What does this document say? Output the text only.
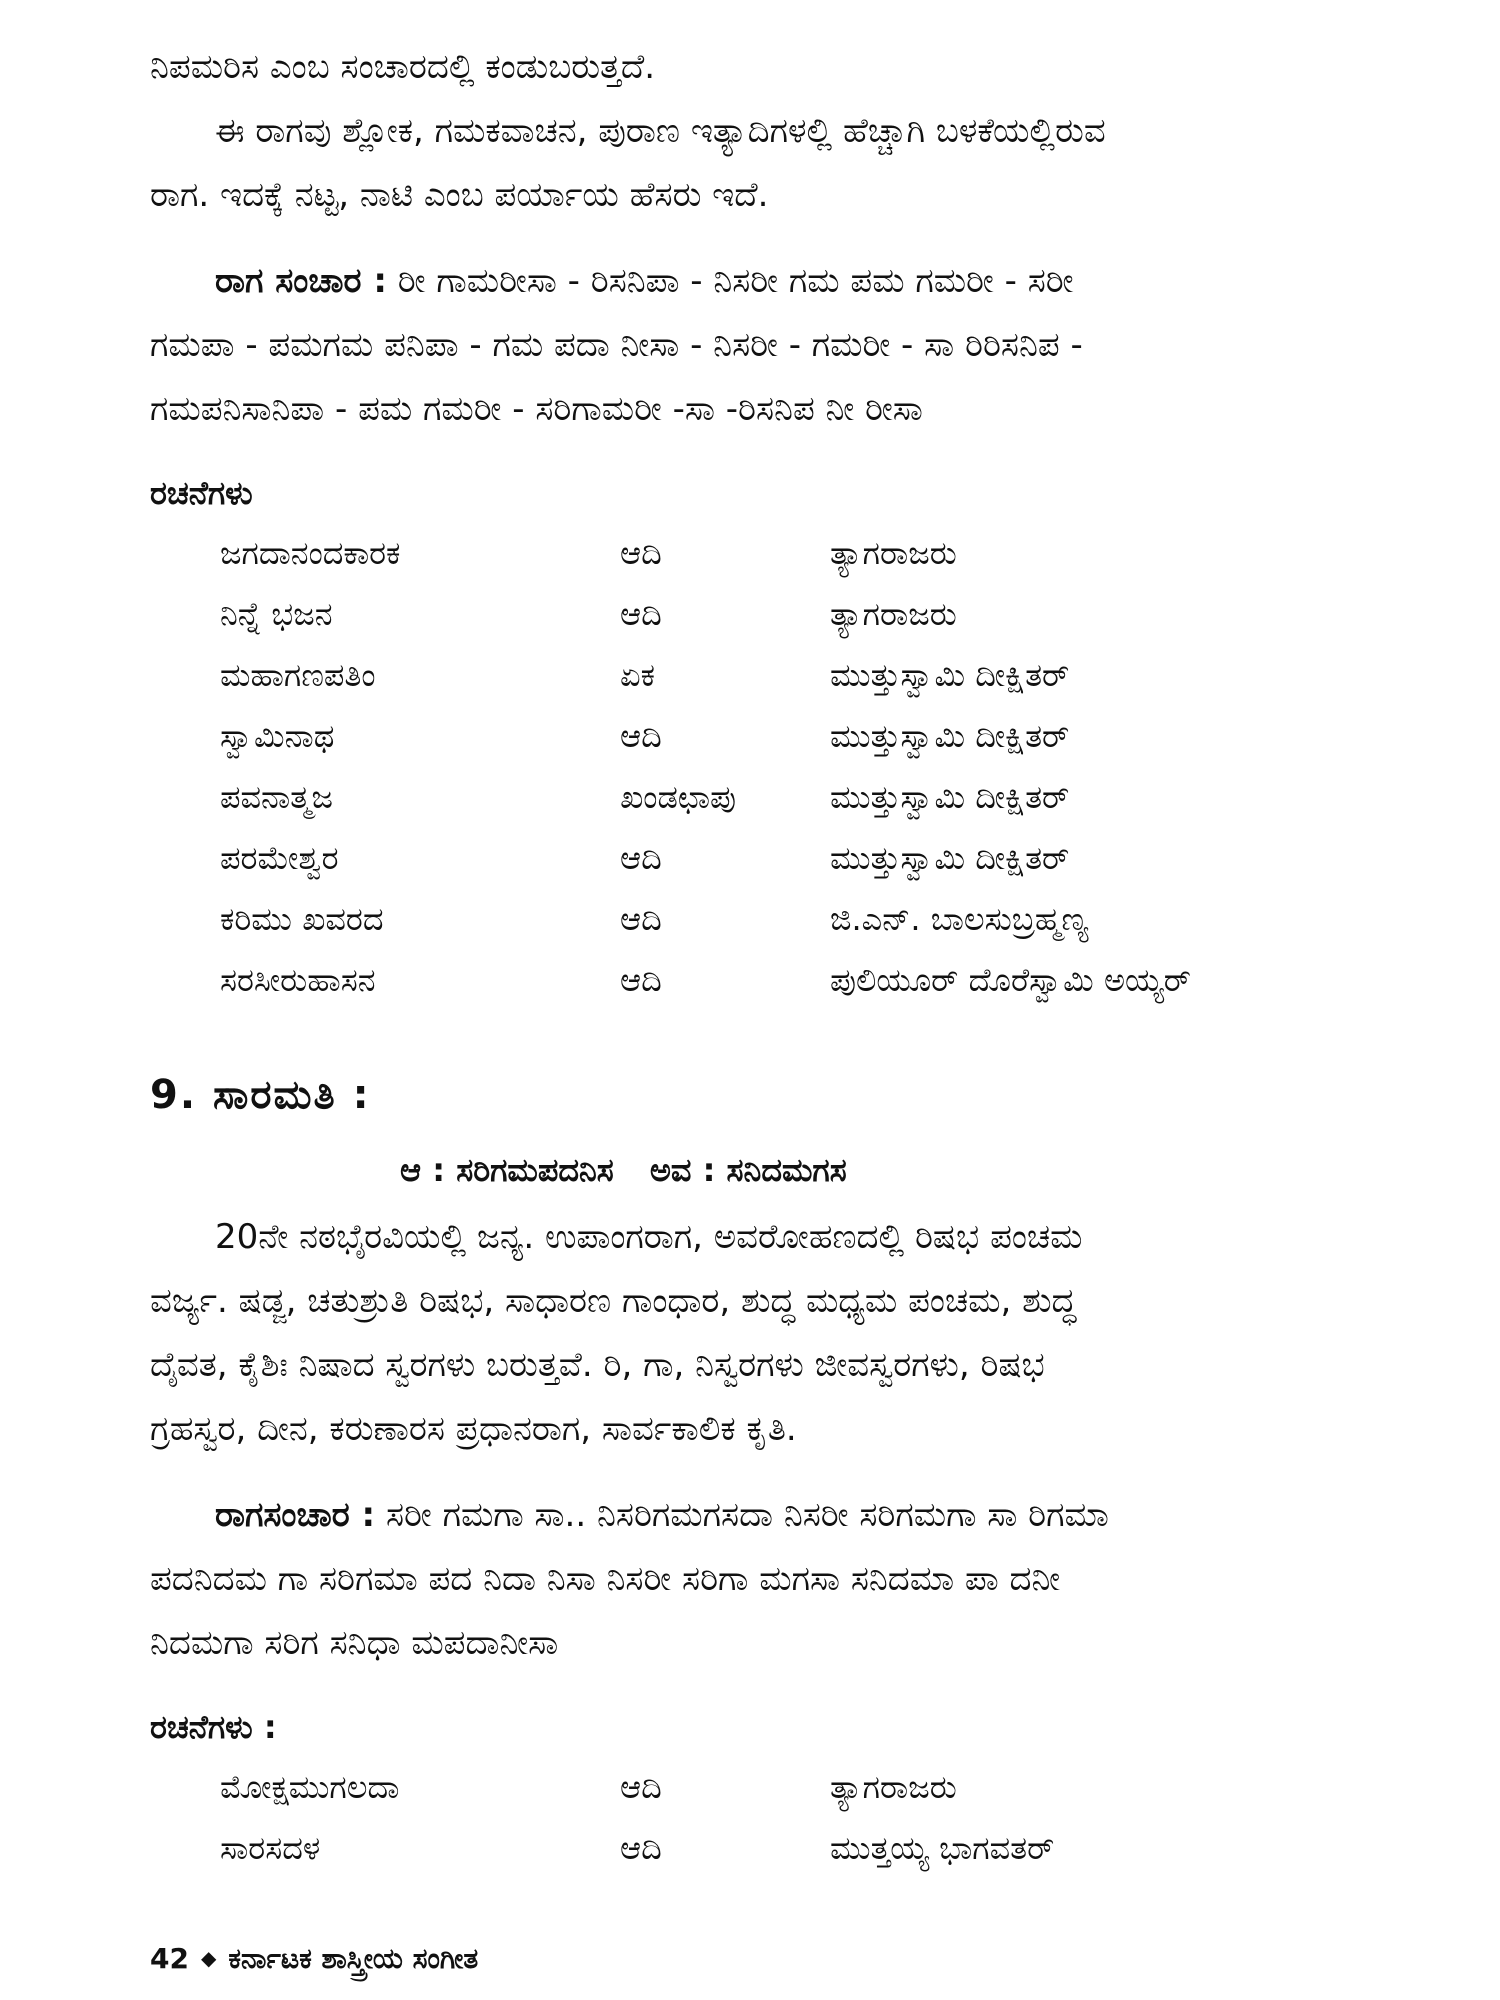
ನಿಪಮರಿಸ ಎಂಬ ಸಂಚಾರದಲ್ಲಿ ಕಂಡುಬರುತ್ತದೆ.

ಈ ರಾಗವು ಶ್ಲೋಕ, ಗಮಕವಾಚನ, ಪುರಾಣ ಇತ್ಯಾದಿಗಳಲ್ಲಿ ಹೆಚ್ಚಾಗಿ ಬಳಕೆಯಲ್ಲಿರುವ

ರಾಗ. ಇದಕ್ಕೆ ನಟ್ಟ, ನಾಟಿ ಎಂಬ ಪರ್ಯಾಯ ಹೆಸರು ಇದೆ.

ರಾಗ ಸಂಚಾರ : ರೀ ಗಾಮರೀಸಾ - ರಿಸನಿಪಾ - ನಿಸರೀ ಗಮ ಪಮ ಗಮರೀ - ಸರೀ

ಗಮಪಾ - ಪಮಗಮ ಪನಿಪಾ - ಗಮ ಪದಾ ನೀಸಾ - ನಿಸರೀ - ಗಮರೀ - ಸಾ ರಿರಿಸನಿಪ -

ಗಮಪನಿಸಾನಿಪಾ - ಪಮ ಗಮರೀ - ಸರಿಗಾಮರೀ -ಸಾ -ರಿಸನಿಪ ನೀ ರೀಸಾ

ರಚನೆಗಳು

ಜಗದಾನಂದಕಾರಕ	ಆದಿ	ತ್ಯಾಗರಾಜರು
ನಿನ್ನೆ ಭಜನ	ಆದಿ	ತ್ಯಾಗರಾಜರು
ಮಹಾಗಣಪತಿಂ	ಏಕ	ಮುತ್ತುಸ್ವಾಮಿ ದೀಕ್ಷಿತರ್
ಸ್ವಾಮಿನಾಥ	ಆದಿ	ಮುತ್ತುಸ್ವಾಮಿ ದೀಕ್ಷಿತರ್
ಪವನಾತ್ಮಜ	ಖಂಡಛಾಪು	ಮುತ್ತುಸ್ವಾಮಿ ದೀಕ್ಷಿತರ್
ಪರಮೇಶ್ವರ	ಆದಿ	ಮುತ್ತುಸ್ವಾಮಿ ದೀಕ್ಷಿತರ್
ಕರಿಮು ಖವರದ	ಆದಿ	ಜಿ.ಎನ್. ಬಾಲಸುಬ್ರಹ್ಮಣ್ಯ
ಸರಸೀರುಹಾಸನ	ಆದಿ	ಪುಲಿಯೂರ್ ದೊರೆಸ್ವಾಮಿ ಅಯ್ಯರ್

9. ಸಾರಮತಿ :

ಆ : ಸರಿಗಮಪದನಿಸ ಅವ : ಸನಿದಮಗಸ

20ನೇ ನಠಭೈರವಿಯಲ್ಲಿ ಜನ್ಯ. ಉಪಾಂಗರಾಗ, ಅವರೋಹಣದಲ್ಲಿ ರಿಷಭ ಪಂಚಮ

ವರ್ಜ್ಯ. ಷಡ್ಜ, ಚತುಶ್ರುತಿ ರಿಷಭ, ಸಾಧಾರಣ ಗಾಂಧಾರ, ಶುದ್ಧ ಮಧ್ಯಮ ಪಂಚಮ, ಶುದ್ಧ

ದೈವತ, ಕೈಶಿಃ ನಿಷಾದ ಸ್ವರಗಳು ಬರುತ್ತವೆ. ರಿ, ಗಾ, ನಿಸ್ವರಗಳು ಜೀವಸ್ವರಗಳು, ರಿಷಭ

ಗ್ರಹಸ್ವರ, ದೀನ, ಕರುಣಾರಸ ಪ್ರಧಾನರಾಗ, ಸಾರ್ವಕಾಲಿಕ ಕೃತಿ.

ರಾಗಸಂಚಾರ : ಸರೀ ಗಮಗಾ ಸಾ.. ನಿಸರಿಗಮಗಸದಾ ನಿಸರೀ ಸರಿಗಮಗಾ ಸಾ ರಿಗಮಾ

ಪದನಿದಮ ಗಾ ಸರಿಗಮಾ ಪದ ನಿದಾ ನಿಸಾ ನಿಸರೀ ಸರಿಗಾ ಮಗಸಾ ಸನಿದಮಾ ಪಾ ದನೀ

ನಿದಮಗಾ ಸರಿಗ ಸನಿಧಾ ಮಪದಾನೀಸಾ

ರಚನೆಗಳು :

ಮೋಕ್ಷಮುಗಲದಾ	ಆದಿ	ತ್ಯಾಗರಾಜರು
ಸಾರಸದಳ	ಆದಿ	ಮುತ್ತಯ್ಯ ಭಾಗವತರ್
42 ◆ ಕರ್ನಾಟಕ ಶಾಸ್ತ್ರೀಯ ಸಂಗೀತ
